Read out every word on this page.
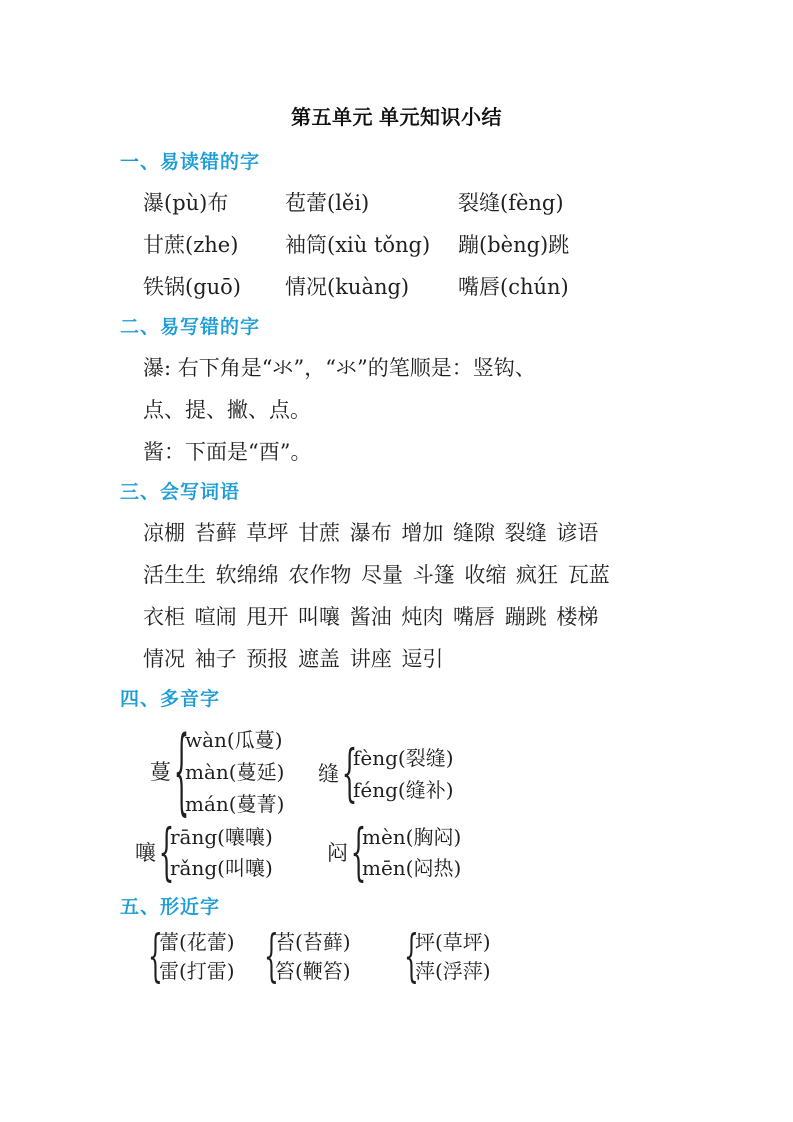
第五单元 单元知识小结
一、易读错的字
瀑(pù)布	苞蕾(lěi)	裂缝(fèng)
甘蔗(zhe) 袖筒(xiù tǒng) 蹦(bèng)跳
铁锅(guō) 情况(kuàng) 嘴唇(chún)
二、易写错的字
瀑: 右下角是“氺”，“氺”的笔顺是：竖钩、
点、提、撇、点。
酱：下面是“酉”。
三、会写词语
凉棚 苔藓 草坪 甘蔗 瀑布 增加 缝隙 裂缝 谚语
活生生 软绵绵 农作物 尽量 斗篷 收缩 疯狂 瓦蓝
衣柜 喧闹 甩开 叫嚷 酱油 炖肉 嘴唇 蹦跳 楼梯
情况 袖子 预报 遮盖 讲座 逗引
四、多音字
蔓 {
wàn(瓜蔓)
màn(蔓延)
mán(蔓菁)
缝 {
fèng(裂缝)
féng(缝补)
嚷 {
rāng(嚷嚷)
rǎng(叫嚷)
闷 {
mèn(胸闷)
mēn(闷热)
五、形近字
{
蕾(花蕾)
雷(打雷) {
苔(苔藓)
笞(鞭笞) {
坪(草坪)
萍(浮萍)
